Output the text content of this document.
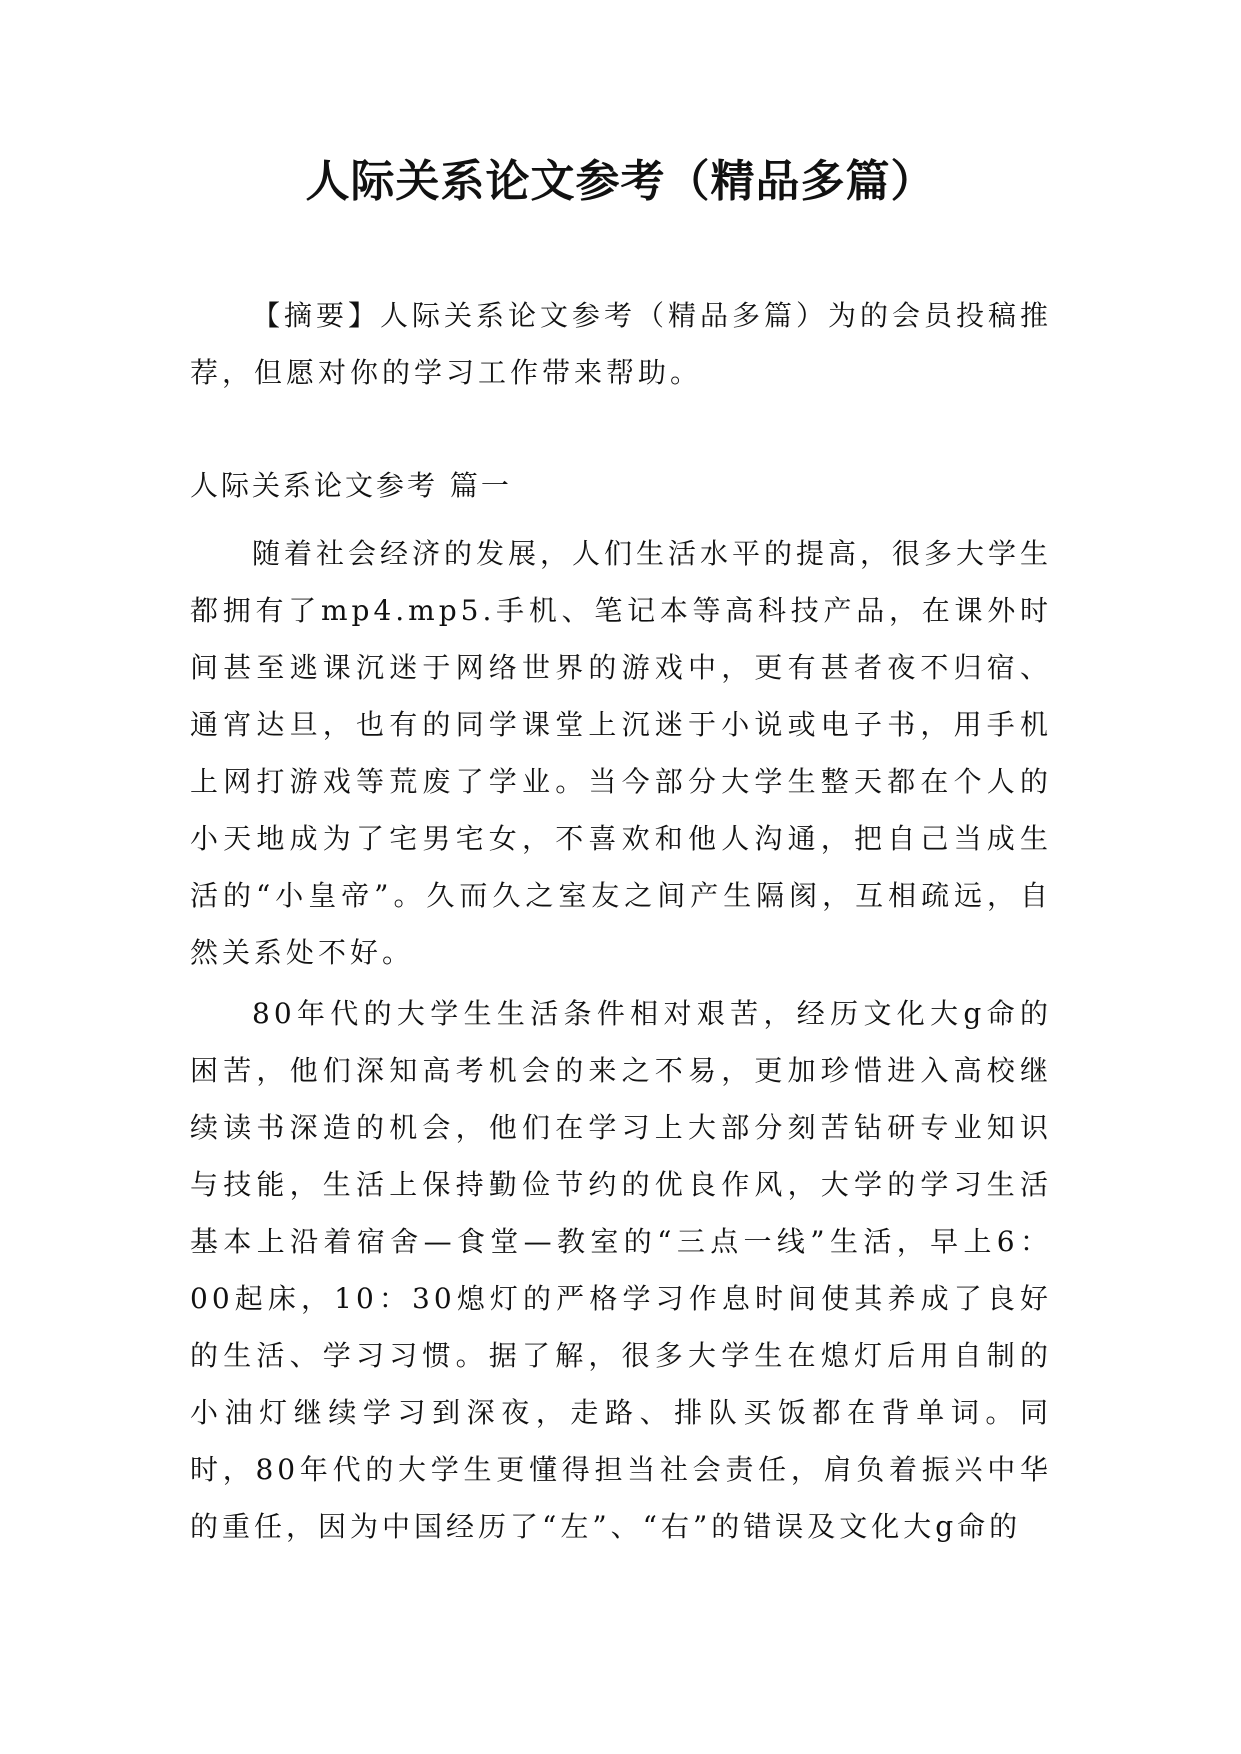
人际关系论文参考（精品多篇）

【摘要】人际关系论文参考（精品多篇）为的会员投稿推荐，但愿对你的学习工作带来帮助。

人际关系论文参考 篇一

随着社会经济的发展，人们生活水平的提高，很多大学生都拥有了mp4.mp5.手机、笔记本等高科技产品，在课外时间甚至逃课沉迷于网络世界的游戏中，更有甚者夜不归宿、通宵达旦，也有的同学课堂上沉迷于小说或电子书，用手机上网打游戏等荒废了学业。当今部分大学生整天都在个人的小天地成为了宅男宅女，不喜欢和他人沟通，把自己当成生活的“小皇帝”。久而久之室友之间产生隔阂，互相疏远，自然关系处不好。

80年代的大学生生活条件相对艰苦，经历文化大g命的困苦，他们深知高考机会的来之不易，更加珍惜进入高校继续读书深造的机会，他们在学习上大部分刻苦钻研专业知识与技能，生活上保持勤俭节约的优良作风，大学的学习生活基本上沿着宿舍—食堂—教室的“三点一线”生活，早上6：00起床，10：30熄灯的严格学习作息时间使其养成了良好的生活、学习习惯。据了解，很多大学生在熄灯后用自制的小油灯继续学习到深夜，走路、排队买饭都在背单词。同时，80年代的大学生更懂得担当社会责任，肩负着振兴中华的重任，因为中国经历了“左”、“右”的错误及文化大g命的
